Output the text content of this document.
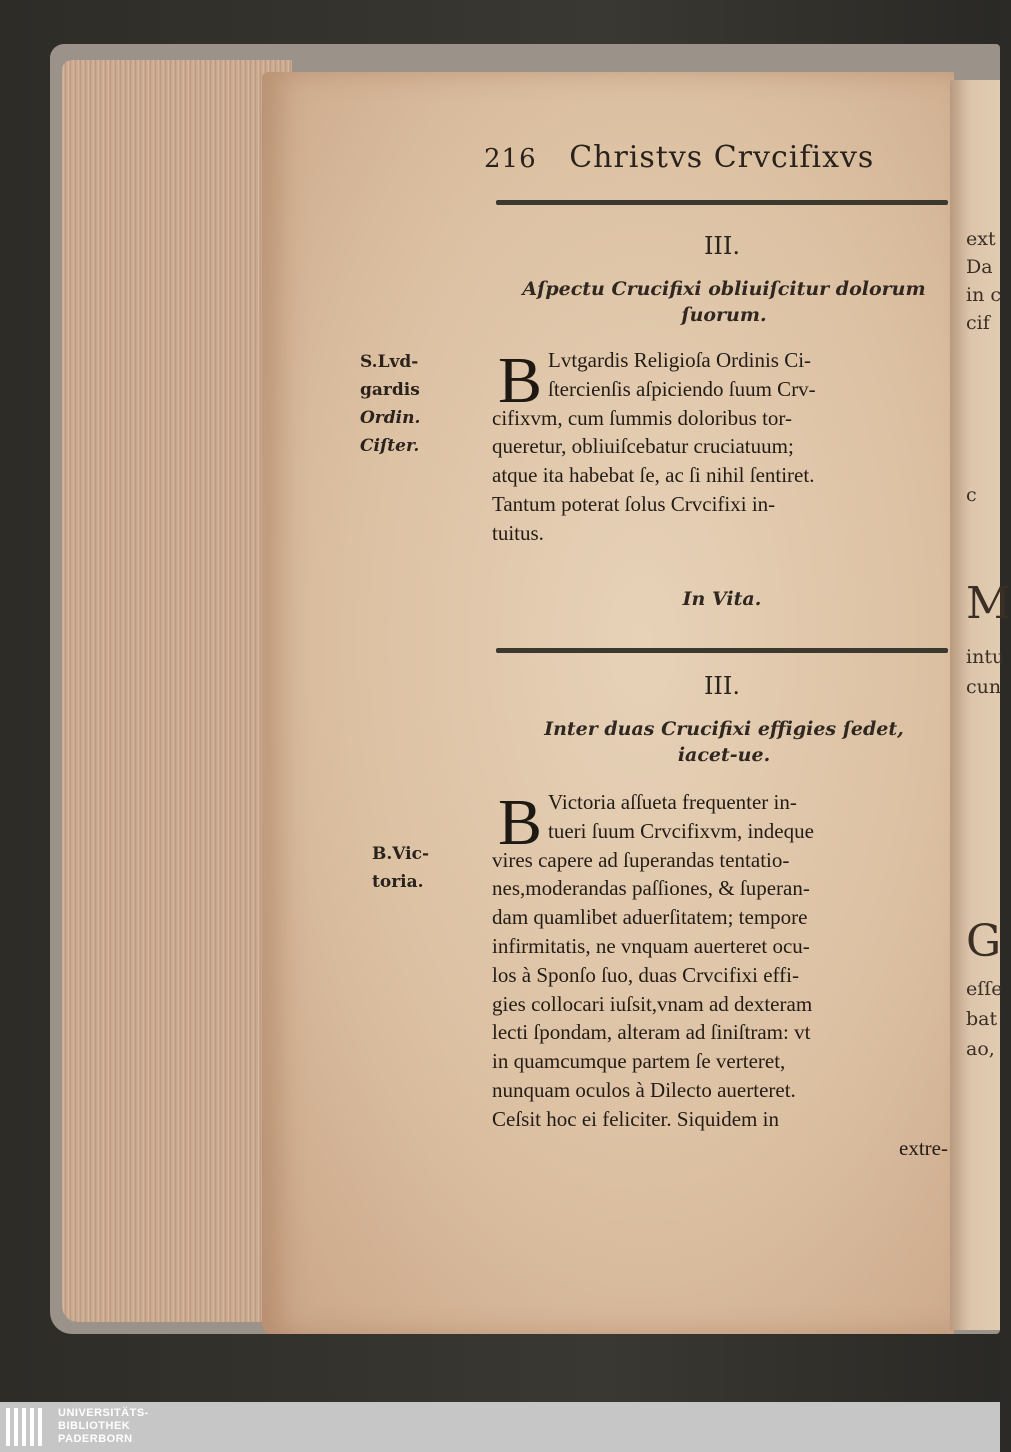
ext
Da
in c
cif
c
M
intu
cun
G
eſſe
bat
ao,
216 Christvs Crvcifixvs
III.
Aſpectu Crucifixi obliuiſcitur dolorum
ſuorum.
S.Lvd-
gardis
Ordin.
Ciſter.
B Lvtgardis Religioſa Ordinis Ci-

ſtercienſis aſpiciendo ſuum Crv-

cifixvm, cum ſummis doloribus tor-

queretur, obliuiſcebatur cruciatuum;

atque ita habebat ſe, ac ſi nihil ſentiret.

Tantum poterat ſolus Crvcifixi in-

tuitus.

In Vita.
III.
Inter duas Crucifixi effigies ſedet,
iacet-ue.
B.Vic-
toria.
B Victoria aſſueta frequenter in-

tueri ſuum Crvcifixvm, indeque

vires capere ad ſuperandas tentatio-

nes,moderandas paſſiones, & ſuperan-

dam quamlibet aduerſitatem; tempore

infirmitatis, ne vnquam auerteret ocu-

los à Sponſo ſuo, duas Crvcifixi effi-

gies collocari iuſsit,vnam ad dexteram

lecti ſpondam, alteram ad ſiniſtram: vt

in quamcumque partem ſe verteret,

nunquam oculos à Dilecto auerteret.

Ceſsit hoc ei feliciter. Siquidem in

extre-

UNIVERSITÄTS-
BIBLIOTHEK
PADERBORN
